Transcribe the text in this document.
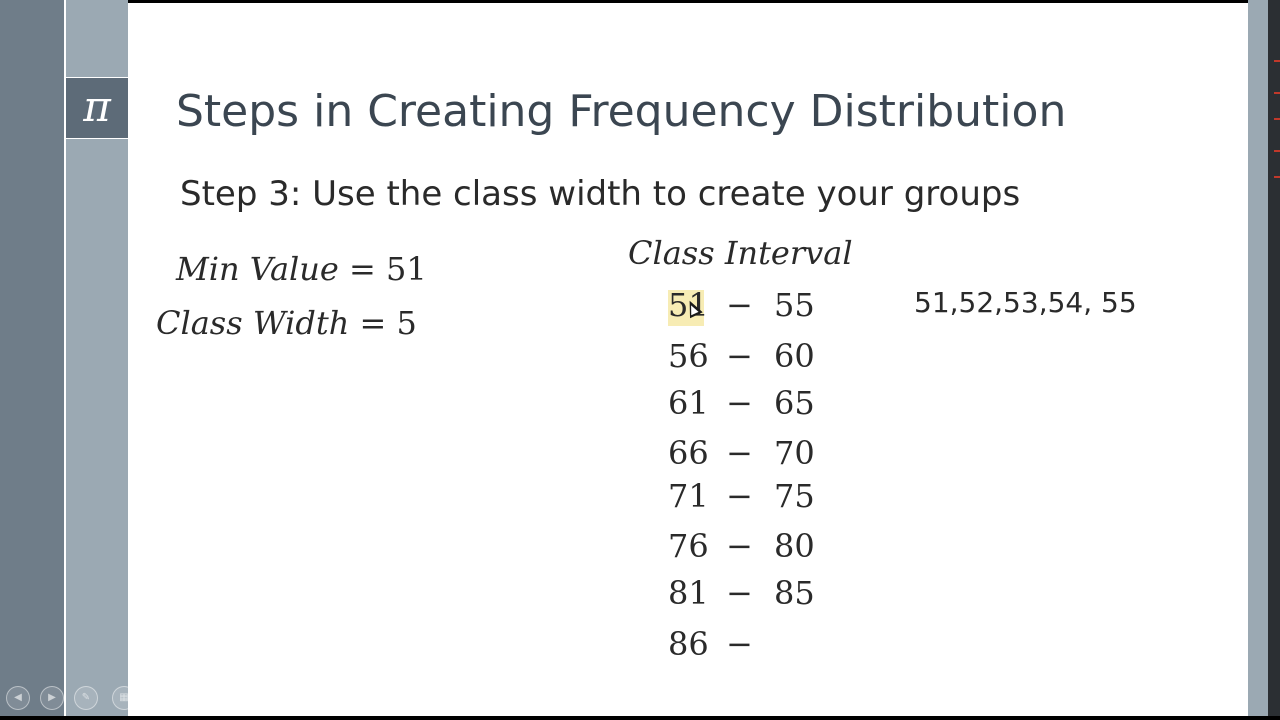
π	Steps in Creating Frequency Distribution
Step 3: Use the class width to create your groups
Min Value = 51
Class Width = 5
Class Interval
51 − 55
56 − 60
61 − 65
66 − 70
71 − 75
76 − 80
81 − 85
86 −
51,52,53,54, 55
◀	▶	✎	▦	⚲	⋯
